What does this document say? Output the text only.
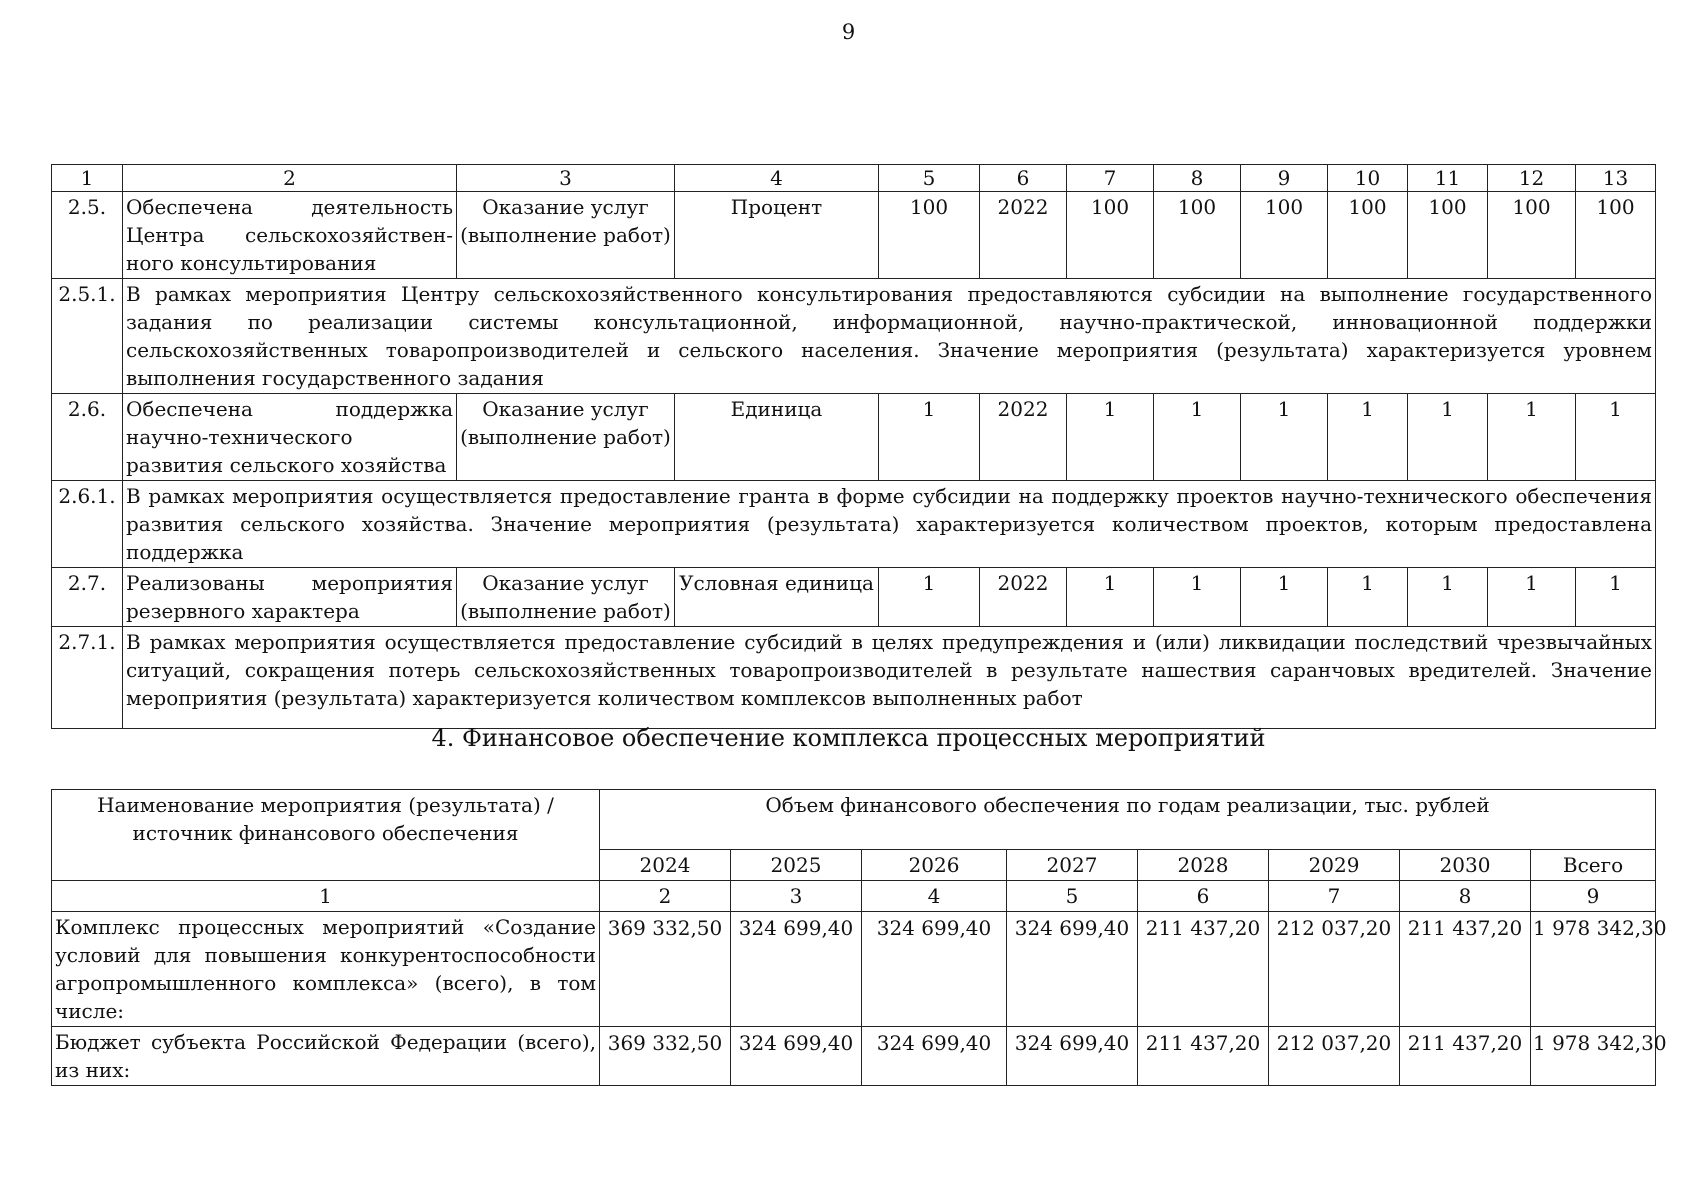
9
1	2	3	4	5	6	7	8	9	10	11	12	13
2.5.	Обеспечена деятельность Центра сельскохозяйствен-ного консультирования	Оказание услуг (выполнение работ)	Процент	100	2022	100	100	100	100	100	100	100
2.5.1.	В рамках мероприятия Центру сельскохозяйственного консультирования предоставляются субсидии на выполнение государственного задания по реализации системы консультационной, информационной, научно-практической, инновационной поддержки сельскохозяйственных товаропроизводителей и сельского населения. Значение мероприятия (результата) характеризуется уровнем выполнения государственного задания											
2.6.	Обеспечена поддержка научно-технического развития сельского хозяйства	Оказание услуг (выполнение работ)	Единица	1	2022	1	1	1	1	1	1	1
2.6.1.	В рамках мероприятия осуществляется предоставление гранта в форме субсидии на поддержку проектов научно-технического обеспечения развития сельского хозяйства. Значение мероприятия (результата) характеризуется количеством проектов, которым предоставлена поддержка											
2.7.	Реализованы мероприятия резервного характера	Оказание услуг (выполнение работ)	Условная единица	1	2022	1	1	1	1	1	1	1
2.7.1.	В рамках мероприятия осуществляется предоставление субсидий в целях предупреждения и (или) ликвидации последствий чрезвычайных ситуаций, сокращения потерь сельскохозяйственных товаропроизводителей в результате нашествия саранчовых вредителей. Значение мероприятия (результата) характеризуется количеством комплексов выполненных работ											
4. Финансовое обеспечение комплекса процессных мероприятий
Наименование мероприятия (результата) / источник финансового обеспечения	Объем финансового обеспечения по годам реализации, тыс. рублей							
	2024	2025	2026	2027	2028	2029	2030	Всего
1	2	3	4	5	6	7	8	9
Комплекс процессных мероприятий «Создание условий для повышения конкурентоспособности агропромышленного комплекса» (всего), в том числе:	369 332,50	324 699,40	324 699,40	324 699,40	211 437,20	212 037,20	211 437,20	1 978 342,30
Бюджет субъекта Российской Федерации (всего), из них:	369 332,50	324 699,40	324 699,40	324 699,40	211 437,20	212 037,20	211 437,20	1 978 342,30
